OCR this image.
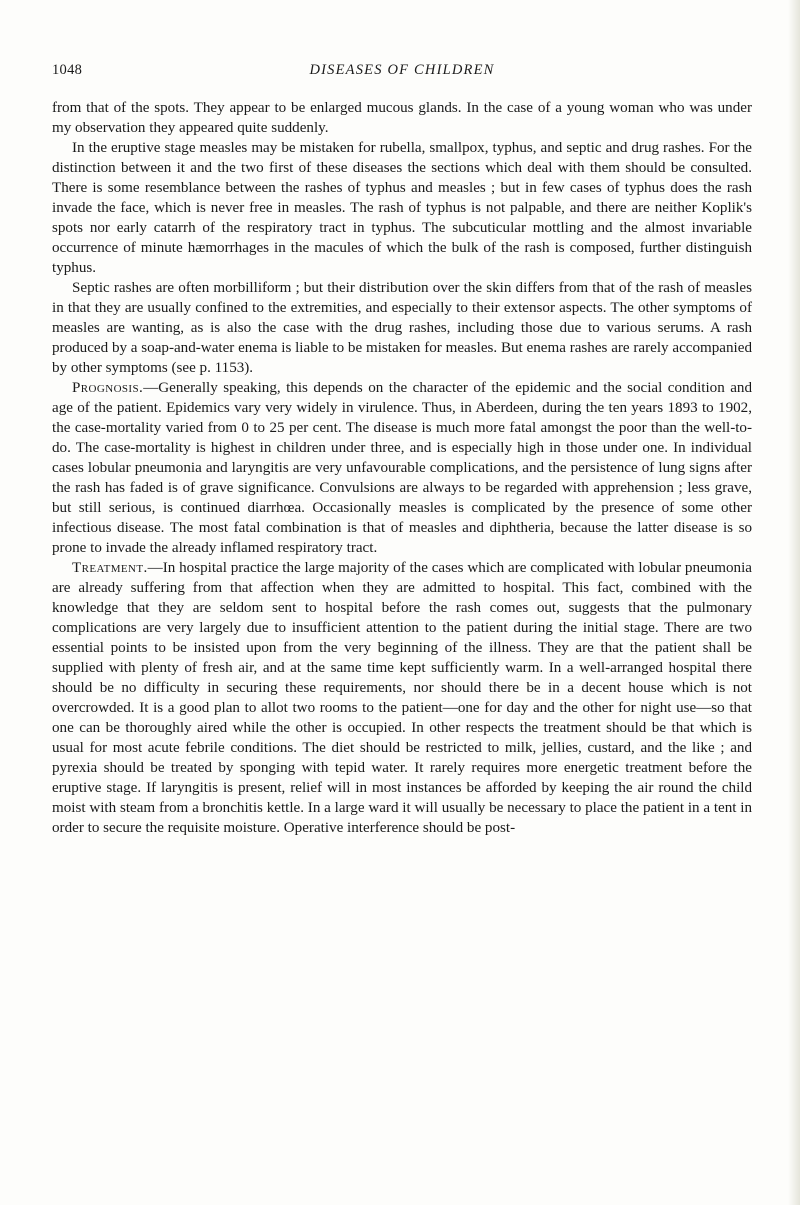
1048	DISEASES OF CHILDREN

from that of the spots. They appear to be enlarged mucous glands. In the case of a young woman who was under my observation they appeared quite suddenly.

In the eruptive stage measles may be mistaken for rubella, smallpox, typhus, and septic and drug rashes. For the distinction between it and the two first of these diseases the sections which deal with them should be consulted. There is some resemblance between the rashes of typhus and measles ; but in few cases of typhus does the rash invade the face, which is never free in measles. The rash of typhus is not palpable, and there are neither Koplik's spots nor early catarrh of the respiratory tract in typhus. The subcuticular mottling and the almost invariable occurrence of minute hæmorrhages in the macules of which the bulk of the rash is composed, further distinguish typhus.

Septic rashes are often morbilliform ; but their distribution over the skin differs from that of the rash of measles in that they are usually confined to the extremities, and especially to their extensor aspects. The other symptoms of measles are wanting, as is also the case with the drug rashes, including those due to various serums. A rash produced by a soap-and-water enema is liable to be mistaken for measles. But enema rashes are rarely accompanied by other symptoms (see p. 1153).

Prognosis.—Generally speaking, this depends on the character of the epidemic and the social condition and age of the patient. Epidemics vary very widely in virulence. Thus, in Aberdeen, during the ten years 1893 to 1902, the case-mortality varied from 0 to 25 per cent. The disease is much more fatal amongst the poor than the well-to-do. The case-mortality is highest in children under three, and is especially high in those under one. In individual cases lobular pneumonia and laryngitis are very unfavourable complications, and the persistence of lung signs after the rash has faded is of grave significance. Convulsions are always to be regarded with apprehension ; less grave, but still serious, is continued diarrhœa. Occasionally measles is complicated by the presence of some other infectious disease. The most fatal combination is that of measles and diphtheria, because the latter disease is so prone to invade the already inflamed respiratory tract.

Treatment.—In hospital practice the large majority of the cases which are complicated with lobular pneumonia are already suffering from that affection when they are admitted to hospital. This fact, combined with the knowledge that they are seldom sent to hospital before the rash comes out, suggests that the pulmonary complications are very largely due to insufficient attention to the patient during the initial stage. There are two essential points to be insisted upon from the very beginning of the illness. They are that the patient shall be supplied with plenty of fresh air, and at the same time kept sufficiently warm. In a well-arranged hospital there should be no difficulty in securing these requirements, nor should there be in a decent house which is not overcrowded. It is a good plan to allot two rooms to the patient—one for day and the other for night use—so that one can be thoroughly aired while the other is occupied. In other respects the treatment should be that which is usual for most acute febrile conditions. The diet should be restricted to milk, jellies, custard, and the like ; and pyrexia should be treated by sponging with tepid water. It rarely requires more energetic treatment before the eruptive stage. If laryngitis is present, relief will in most instances be afforded by keeping the air round the child moist with steam from a bronchitis kettle. In a large ward it will usually be necessary to place the patient in a tent in order to secure the requisite moisture. Operative interference should be post-
